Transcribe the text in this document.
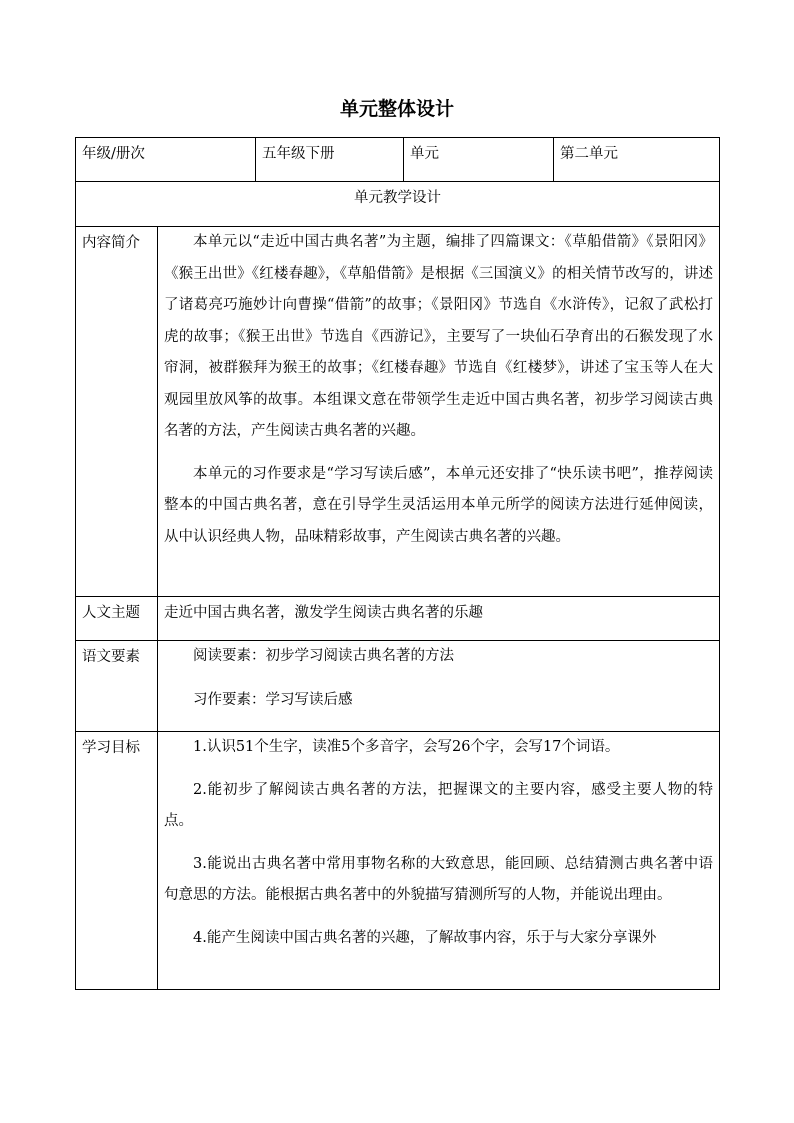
单元整体设计
年级/册次		五年级下册	单元	第二单元
单元教学设计				
内容简介	本单元以“走近中国古典名著”为主题，编排了四篇课文：《草船借箭》《景阳冈》《猴王出世》《红楼春趣》，《草船借箭》是根据《三国演义》的相关情节改写的，讲述了诸葛亮巧施妙计向曹操“借箭”的故事；《景阳冈》节选自《水浒传》，记叙了武松打虎的故事；《猴王出世》节选自《西游记》，主要写了一块仙石孕育出的石猴发现了水帘洞，被群猴拜为猴王的故事；《红楼春趣》节选自《红楼梦》，讲述了宝玉等人在大观园里放风筝的故事。本组课文意在带领学生走近中国古典名著，初步学习阅读古典名著的方法，产生阅读古典名著的兴趣。

本单元的习作要求是“学习写读后感”，本单元还安排了“快乐读书吧”，推荐阅读整本的中国古典名著，意在引导学生灵活运用本单元所学的阅读方法进行延伸阅读，从中认识经典人物，品味精彩故事，产生阅读古典名著的兴趣。			

人文主题	走近中国古典名著，激发学生阅读古典名著的乐趣			
语文要素	阅读要素：初步学习阅读古典名著的方法
习作要素：学习写读后感			

学习目标	1.认识51个生字，读准5个多音字，会写26个字，会写17个词语。

2.能初步了解阅读古典名著的方法，把握课文的主要内容，感受主要人物的特点。

3.能说出古典名著中常用事物名称的大致意思，能回顾、总结猜测古典名著中语句意思的方法。能根据古典名著中的外貌描写猜测所写的人物，并能说出理由。

4.能产生阅读中国古典名著的兴趣，了解故事内容，乐于与大家分享课外			
